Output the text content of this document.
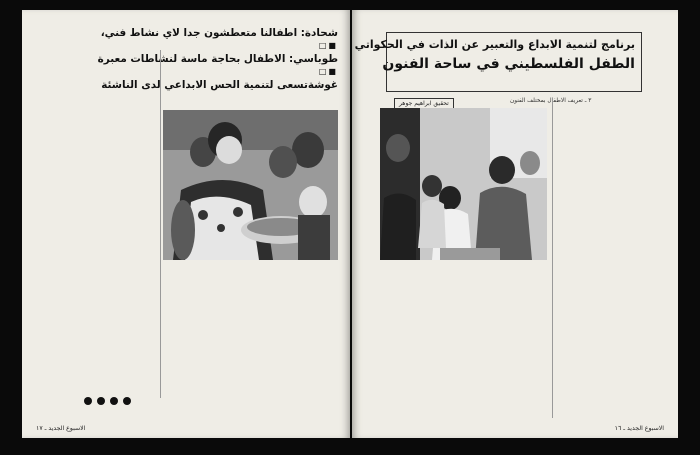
شحادة: اطفالنا متعطشون جدا لاي نشاط فني،
■□
طوباسي: الاطفال بحاجة ماسة لنشاطات معبرة
■□
غوشةتسعى لتنمية الحس الابداعي لدى الناشئة
الاسبوع الجديد ـ ١٧
برنامج لتنمية الابداع والتعبير عن الذات في الحكواتي
الطفل الفلسطيني في ساحة الفنون
تحقيق ابراهيم جوهر	٣ ـ تعريف الاطفال بمختلف الفنون
الاسبوع الجديد ـ ١٦
